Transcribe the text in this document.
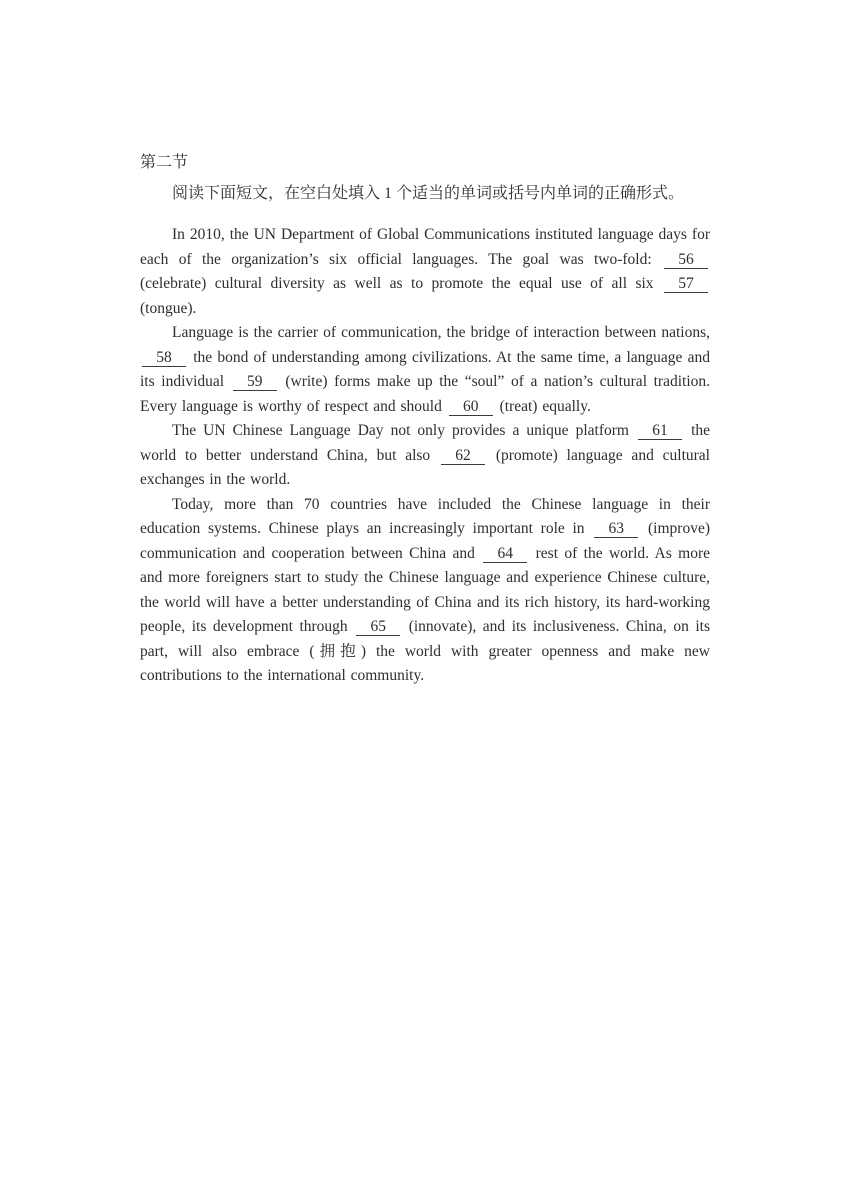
第二节

阅读下面短文，在空白处填入 1 个适当的单词或括号内单词的正确形式。

In 2010, the UN Department of Global Communications instituted language days for each of the organization’s six official languages. The goal was two-fold: 56 (celebrate) cultural diversity as well as to promote the equal use of all six 57 (tongue).

Language is the carrier of communication, the bridge of interaction between nations, 58 the bond of understanding among civilizations. At the same time, a language and its individual 59 (write) forms make up the “soul” of a nation’s cultural tradition. Every language is worthy of respect and should 60 (treat) equally.

The UN Chinese Language Day not only provides a unique platform 61 the world to better understand China, but also 62 (promote) language and cultural exchanges in the world.

Today, more than 70 countries have included the Chinese language in their education systems. Chinese plays an increasingly important role in 63 (improve) communication and cooperation between China and 64 rest of the world. As more and more foreigners start to study the Chinese language and experience Chinese culture, the world will have a better understanding of China and its rich history, its hard-working people, its development through 65 (innovate), and its inclusiveness. China, on its part, will also embrace (拥抱) the world with greater openness and make new contributions to the international community.
